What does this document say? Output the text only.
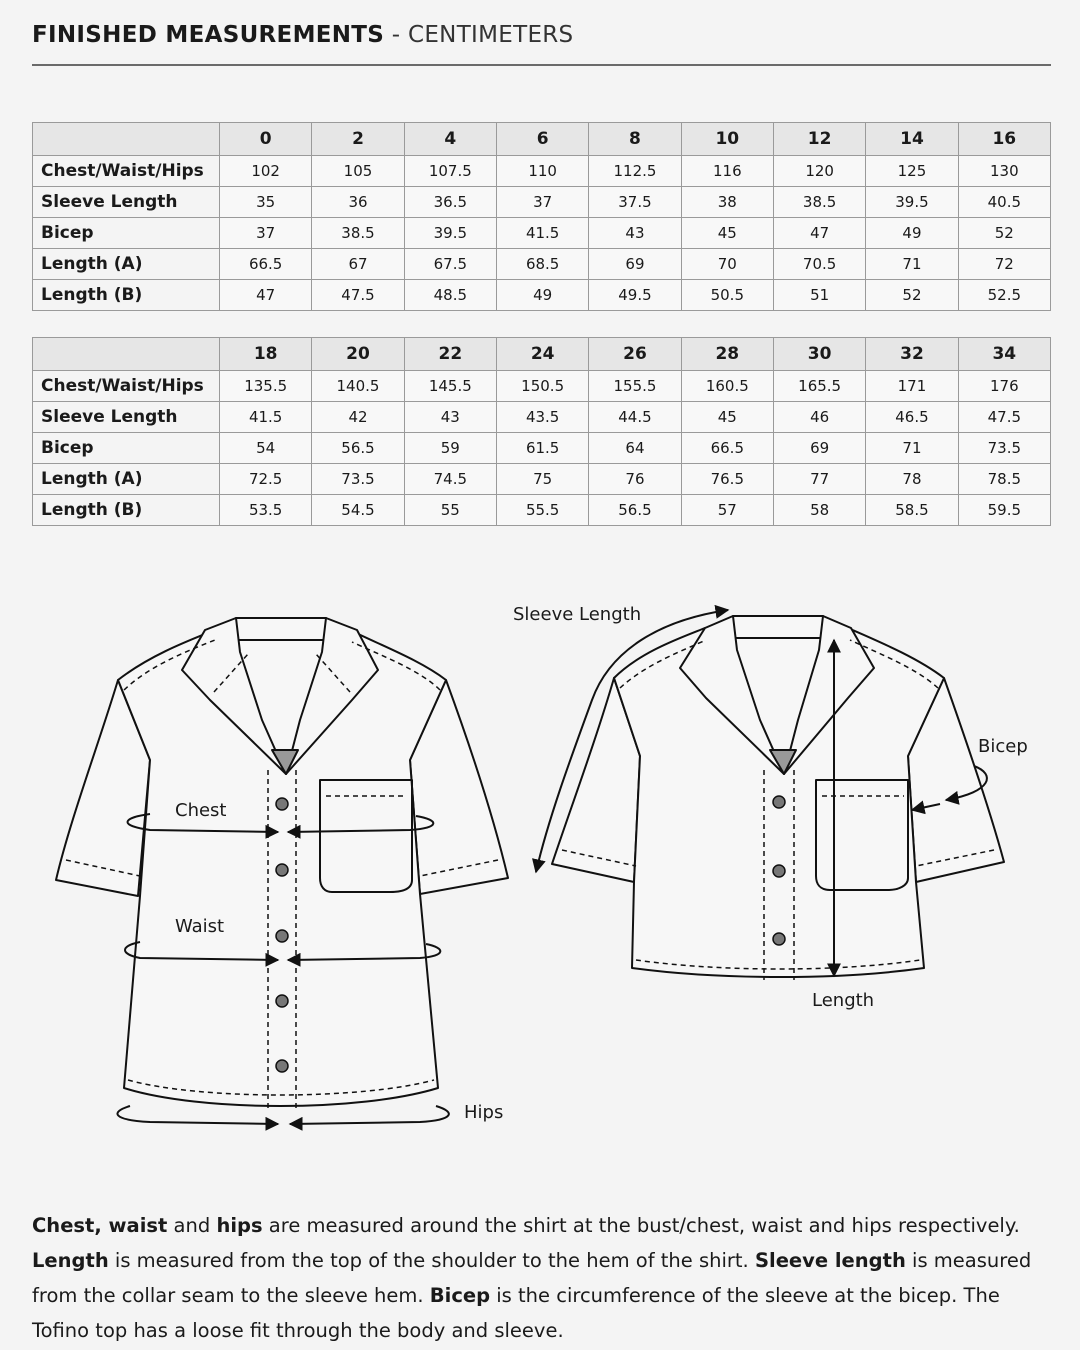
FINISHED MEASUREMENTS - CENTIMETERS
	0	2	4	6	8	10	12	14	16
Chest/Waist/Hips	102	105	107.5	110	112.5	116	120	125	130
Sleeve Length	35	36	36.5	37	37.5	38	38.5	39.5	40.5
Bicep	37	38.5	39.5	41.5	43	45	47	49	52
Length (A)	66.5	67	67.5	68.5	69	70	70.5	71	72
Length (B)	47	47.5	48.5	49	49.5	50.5	51	52	52.5
	18	20	22	24	26	28	30	32	34
Chest/Waist/Hips	135.5	140.5	145.5	150.5	155.5	160.5	165.5	171	176
Sleeve Length	41.5	42	43	43.5	44.5	45	46	46.5	47.5
Bicep	54	56.5	59	61.5	64	66.5	69	71	73.5
Length (A)	72.5	73.5	74.5	75	76	76.5	77	78	78.5
Length (B)	53.5	54.5	55	55.5	56.5	57	58	58.5	59.5
Chest
Waist
Hips
Sleeve Length
Bicep
Length

Chest, waist and hips are measured around the shirt at the bust/chest, waist and hips respectively. Length is measured from the top of the shoulder to the hem of the shirt. Sleeve length is measured from the collar seam to the sleeve hem. Bicep is the circumference of the sleeve at the bicep. The Tofino top has a loose fit through the body and sleeve.
